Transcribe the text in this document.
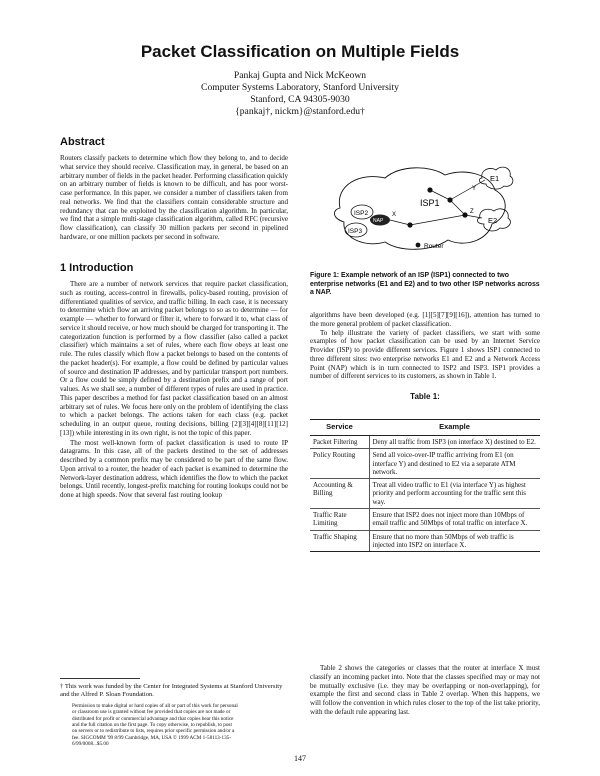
Packet Classification on Multiple Fields
Pankaj Gupta and Nick McKeown
Computer Systems Laboratory, Stanford University
Stanford, CA 94305-9030
{pankaj†, nickm}@stanford.edu†
Abstract

Routers classify packets to determine which flow they belong to, and to decide what service they should receive. Classification may, in general, be based on an arbitrary number of fields in the packet header. Performing classification quickly on an arbitrary number of fields is known to be difficult, and has poor worst-case performance. In this paper, we consider a number of classifiers taken from real networks. We find that the classifiers contain considerable structure and redundancy that can be exploited by the classification algorithm. In particular, we find that a simple multi-stage classification algorithm, called RFC (recursive flow classification), can classify 30 million packets per second in pipelined hardware, or one million packets per second in software.

1 Introduction

There are a number of network services that require packet classification, such as routing, access-control in firewalls, policy-based routing, provision of differentiated qualities of service, and traffic billing. In each case, it is necessary to determine which flow an arriving packet belongs to so as to determine — for example — whether to forward or filter it, where to forward it to, what class of service it should receive, or how much should be charged for transporting it. The categorization function is performed by a flow classifier (also called a packet classifier) which maintains a set of rules, where each flow obeys at least one rule. The rules classify which flow a packet belongs to based on the contents of the packet header(s). For example, a flow could be defined by particular values of source and destination IP addresses, and by particular transport port numbers. Or a flow could be simply defined by a destination prefix and a range of port values. As we shall see, a number of different types of rules are used in practice. This paper describes a method for fast packet classification based on an almost arbitrary set of rules. We focus here only on the problem of identifying the class to which a packet belongs. The actions taken for each class (e.g. packet scheduling in an output queue, routing decisions, billing [2][3][4][8][11][12][13]) while interesting in its own right, is not the topic of this paper.

The most well-known form of packet classification is used to route IP datagrams. In this case, all of the packets destined to the set of addresses described by a common prefix may be considered to be part of the same flow. Upon arrival to a router, the header of each packet is examined to determine the Network-layer destination address, which identifies the flow to which the packet belongs. Until recently, longest-prefix matching for routing lookups could not be done at high speeds. Now that several fast routing lookup

† This work was funded by the Center for Integrated Systems at Stanford University and the Alfred P. Sloan Foundation.
Permission to make digital or hard copies of all or part of this work for personal or classroom use is granted without fee provided that copies are not made or distributed for profit or commercial advantage and that copies bear this notice and the full citation on the first page. To copy otherwise, to republish, to post on servers or to redistribute to lists, requires prior specific permission and/or a fee. SIGCOMM '99 8/99 Cambridge, MA, USA © 1999 ACM 1-58113-135-6/99/0008...$5.00
ISP1
E1
E2
ISP2
ISP3
NAP
X
Y
Z
Router
Figure 1: Example network of an ISP (ISP1) connected to two enterprise networks (E1 and E2) and to two other ISP networks across a NAP.

algorithms have been developed (e.g. [1][5][7][9][16]), attention has turned to the more general problem of packet classification.

To help illustrate the variety of packet classifiers, we start with some examples of how packet classification can be used by an Internet Service Provider (ISP) to provide different services. Figure 1 shows ISP1 connected to three different sites: two enterprise networks E1 and E2 and a Network Access Point (NAP) which is in turn connected to ISP2 and ISP3. ISP1 provides a number of different services to its customers, as shown in Table 1.

Table 1:
Service	Example
Packet Filtering	Deny all traffic from ISP3 (on interface X) destined to E2.
Policy Routing	Send all voice-over-IP traffic arriving from E1 (on interface Y) and destined to E2 via a separate ATM network.
Accounting & Billing	Treat all video traffic to E1 (via interface Y) as highest priority and perform accounting for the traffic sent this way.
Traffic Rate Limiting	Ensure that ISP2 does not inject more than 10Mbps of email traffic and 50Mbps of total traffic on interface X.
Traffic Shaping	Ensure that no more than 50Mbps of web traffic is injected into ISP2 on interface X.

Table 2 shows the categories or classes that the router at interface X must classify an incoming packet into. Note that the classes specified may or may not be mutually exclusive (i.e. they may be overlapping or non-overlapping), for example the first and second class in Table 2 overlap. When this happens, we will follow the convention in which rules closer to the top of the list take priority, with the default rule appearing last.

147
